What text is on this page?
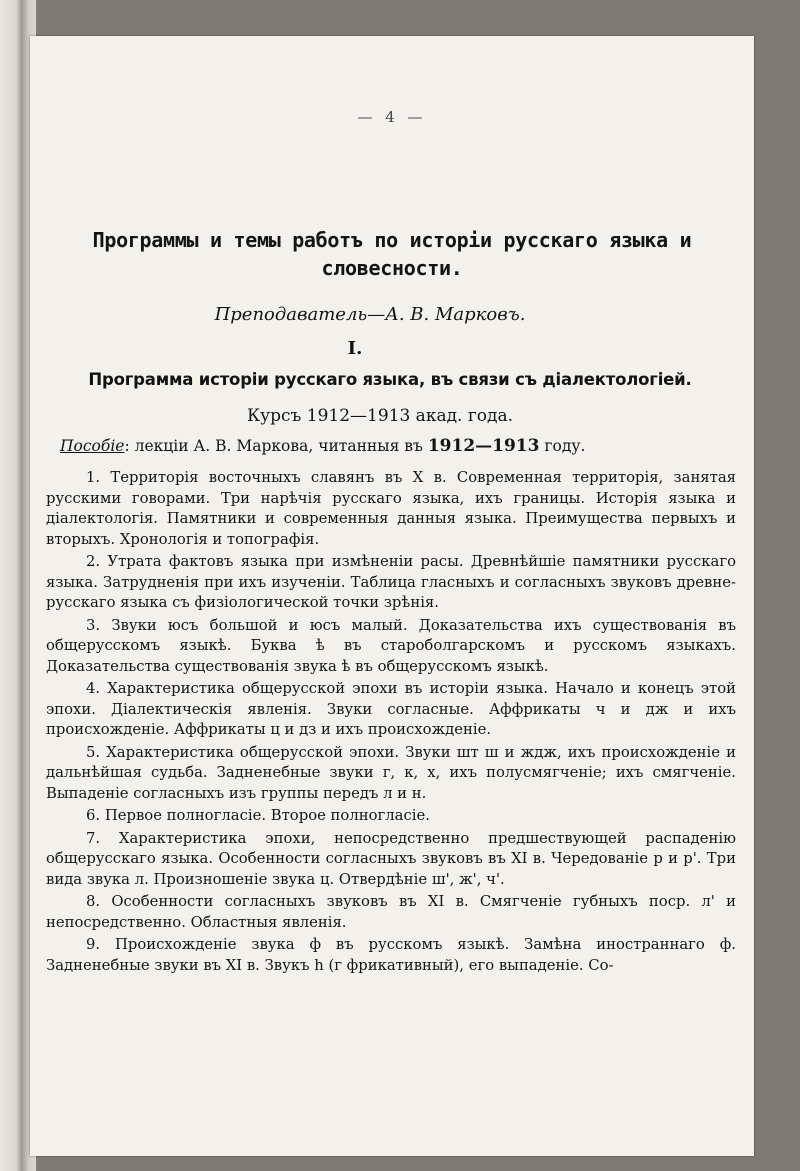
— 4 —
Программы и темы работъ по исторіи русскаго языка и словесности.
Преподаватель—А. В. Марковъ.
I.
Программа исторіи русскаго языка, въ связи съ діалектологіей.
Курсъ 1912—1913 акад. года.
Пособіе: лекціи А. В. Маркова, читанныя въ 1912—1913 году.

1. Территорія восточныхъ славянъ въ X в. Современная территорія, занятая русскими говорами. Три нарѣчія русскаго языка, ихъ границы. Исторія языка и діалектологія. Памятники и современныя данныя языка. Преимущества первыхъ и вторыхъ. Хронологія и топографія.

2. Утрата фактовъ языка при измѣненіи расы. Древнѣйшіе памятники русскаго языка. Затрудненія при ихъ изученіи. Таблица гласныхъ и согласныхъ звуковъ древне-русскаго языка съ физіологической точки зрѣнія.

3. Звуки юсъ большой и юсъ малый. Доказательства ихъ существованія въ общерусскомъ языкѣ. Буква ѣ въ староболгарскомъ и русскомъ языкахъ. Доказательства существованія звука ѣ въ общерусскомъ языкѣ.

4. Характеристика общерусской эпохи въ исторіи языка. Начало и конецъ этой эпохи. Діалектическія явленія. Звуки согласные. Аффрикаты ч и дж и ихъ происхожденіе. Аффрикаты ц и дз и ихъ происхожденіе.

5. Характеристика общерусской эпохи. Звуки шт ш и ждж, ихъ происхожденіе и дальнѣйшая судьба. Задненебные звуки г, к, х, ихъ полусмягченіе; ихъ смягченіе. Выпаденіе согласныхъ изъ группы передъ л и н.

6. Первое полногласіе. Второе полногласіе.

7. Характеристика эпохи, непосредственно предшествующей распаденію общерусскаго языка. Особенности согласныхъ звуковъ въ XI в. Чередованіе р и р'. Три вида звука л. Произношеніе звука ц. Отвердѣніе ш', ж', ч'.

8. Особенности согласныхъ звуковъ въ XI в. Смягченіе губныхъ поср. л' и непосредственно. Областныя явленія.

9. Происхожденіе звука ф въ русскомъ языкѣ. Замѣна иностраннаго ф. Задненебные звуки въ XI в. Звукъ h (г фрикативный), его выпаденіе. Со-
